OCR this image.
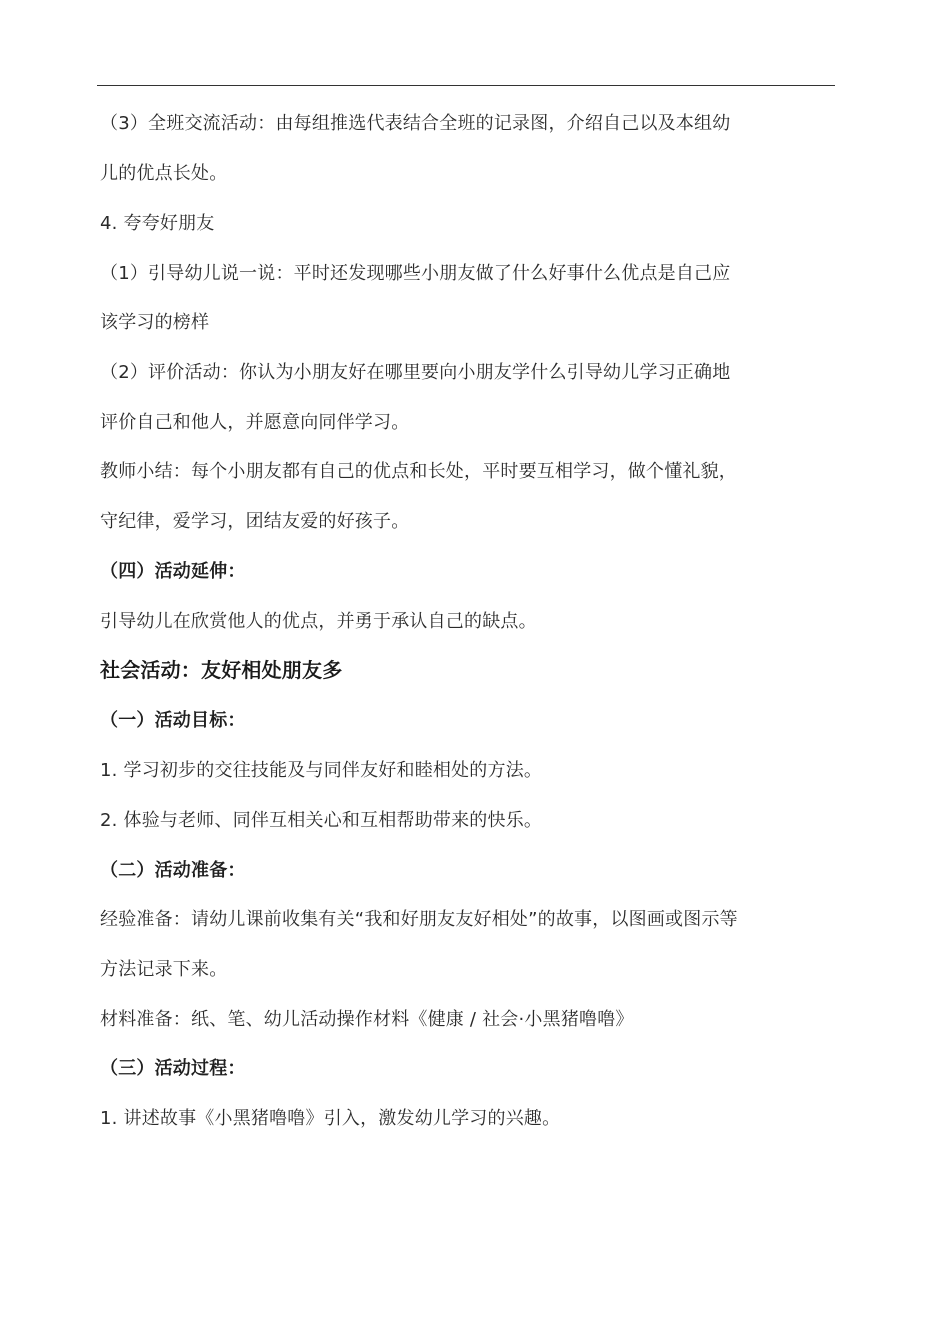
（3）全班交流活动：由每组推选代表结合全班的记录图，介绍自己以及本组幼

儿的优点长处。

4. 夸夸好朋友

（1）引导幼儿说一说：平时还发现哪些小朋友做了什么好事什么优点是自己应

该学习的榜样

（2）评价活动：你认为小朋友好在哪里要向小朋友学什么引导幼儿学习正确地

评价自己和他人，并愿意向同伴学习。

教师小结：每个小朋友都有自己的优点和长处，平时要互相学习，做个懂礼貌，

守纪律，爱学习，团结友爱的好孩子。

（四）活动延伸：

引导幼儿在欣赏他人的优点，并勇于承认自己的缺点。

社会活动：友好相处朋友多

（一）活动目标：

1. 学习初步的交往技能及与同伴友好和睦相处的方法。

2. 体验与老师、同伴互相关心和互相帮助带来的快乐。

（二）活动准备：

经验准备：请幼儿课前收集有关“我和好朋友友好相处”的故事，以图画或图示等

方法记录下来。

材料准备：纸、笔、幼儿活动操作材料《健康 / 社会·小黑猪噜噜》

（三）活动过程：

1. 讲述故事《小黑猪噜噜》引入，激发幼儿学习的兴趣。
